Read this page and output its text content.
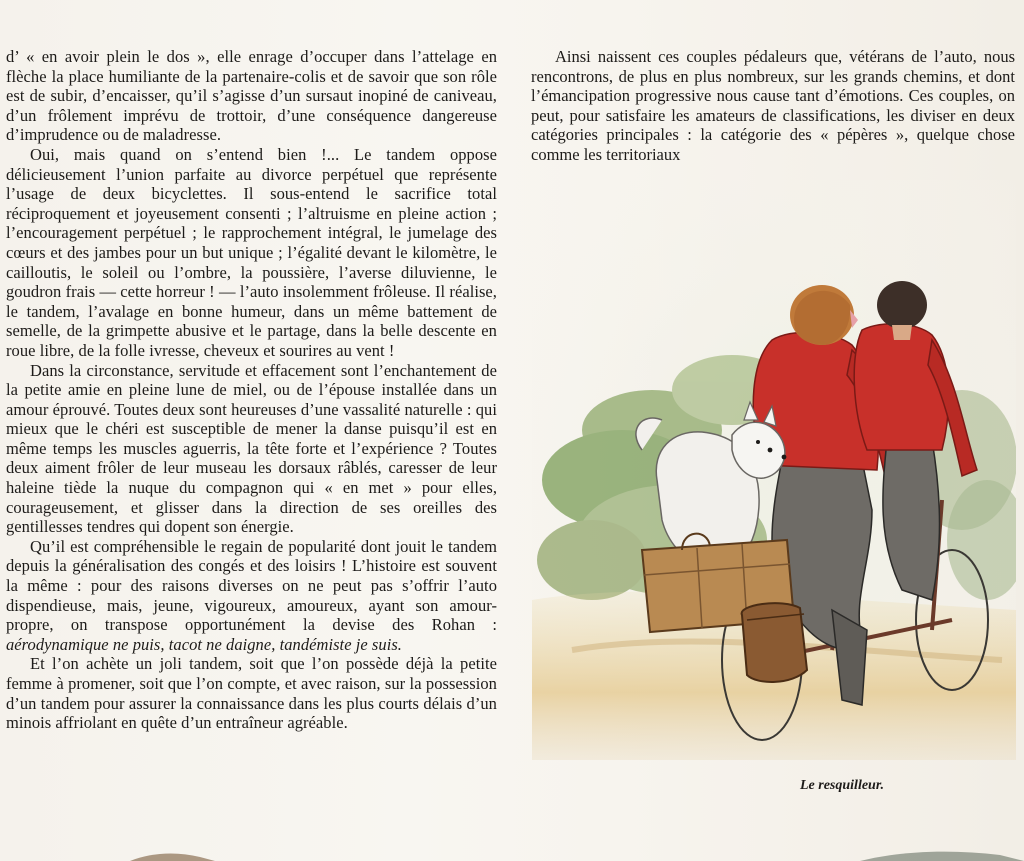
d’ « en avoir plein le dos », elle enrage d’occuper dans l’attelage en flèche la place humiliante de la partenaire-colis et de savoir que son rôle est de subir, d’encaisser, qu’il s’agisse d’un sursaut inopiné de caniveau, d’un frôlement imprévu de trottoir, d’une conséquence dangereuse d’imprudence ou de maladresse.

Oui, mais quand on s’entend bien !... Le tandem oppose délicieusement l’union parfaite au divorce perpétuel que représente l’usage de deux bicyclettes. Il sous-entend le sacrifice total réciproquement et joyeusement consenti ; l’altruisme en pleine action ; l’encouragement perpétuel ; le rapprochement intégral, le jumelage des cœurs et des jambes pour un but unique ; l’égalité devant le kilomètre, le cailloutis, le soleil ou l’ombre, la poussière, l’averse diluvienne, le goudron frais — cette horreur ! — l’auto insolemment frôleuse. Il réalise, le tandem, l’avalage en bonne humeur, dans un même battement de semelle, de la grimpette abusive et le partage, dans la belle descente en roue libre, de la folle ivresse, cheveux et sourires au vent !

Dans la circonstance, servitude et effacement sont l’enchantement de la petite amie en pleine lune de miel, ou de l’épouse installée dans un amour éprouvé. Toutes deux sont heureuses d’une vassalité naturelle : qui mieux que le chéri est susceptible de mener la danse puisqu’il est en même temps les muscles aguerris, la tête forte et l’expérience ? Toutes deux aiment frôler de leur museau les dorsaux râblés, caresser de leur haleine tiède la nuque du compagnon qui « en met » pour elles, courageusement, et glisser dans la direction de ses oreilles des gentillesses tendres qui dopent son énergie.

Qu’il est compréhensible le regain de popularité dont jouit le tandem depuis la généralisation des congés et des loisirs ! L’histoire est souvent la même : pour des raisons diverses on ne peut pas s’offrir l’auto dispendieuse, mais, jeune, vigoureux, amoureux, ayant son amour-propre, on transpose opportunément la devise des Rohan : aérodynamique ne puis, tacot ne daigne, tandémiste je suis.

Et l’on achète un joli tandem, soit que l’on possède déjà la petite femme à promener, soit que l’on compte, et avec raison, sur la possession d’un tandem pour assurer la connaissance dans les plus courts délais d’un minois affriolant en quête d’un entraîneur agréable.

Ainsi naissent ces couples pédaleurs que, vétérans de l’auto, nous rencontrons, de plus en plus nombreux, sur les grands chemins, et dont l’émancipation progressive nous cause tant d’émotions. Ces couples, on peut, pour satisfaire les amateurs de classifications, les diviser en deux catégories principales : la catégorie des « pépères », quelque chose comme les territoriaux

Le resquilleur.
